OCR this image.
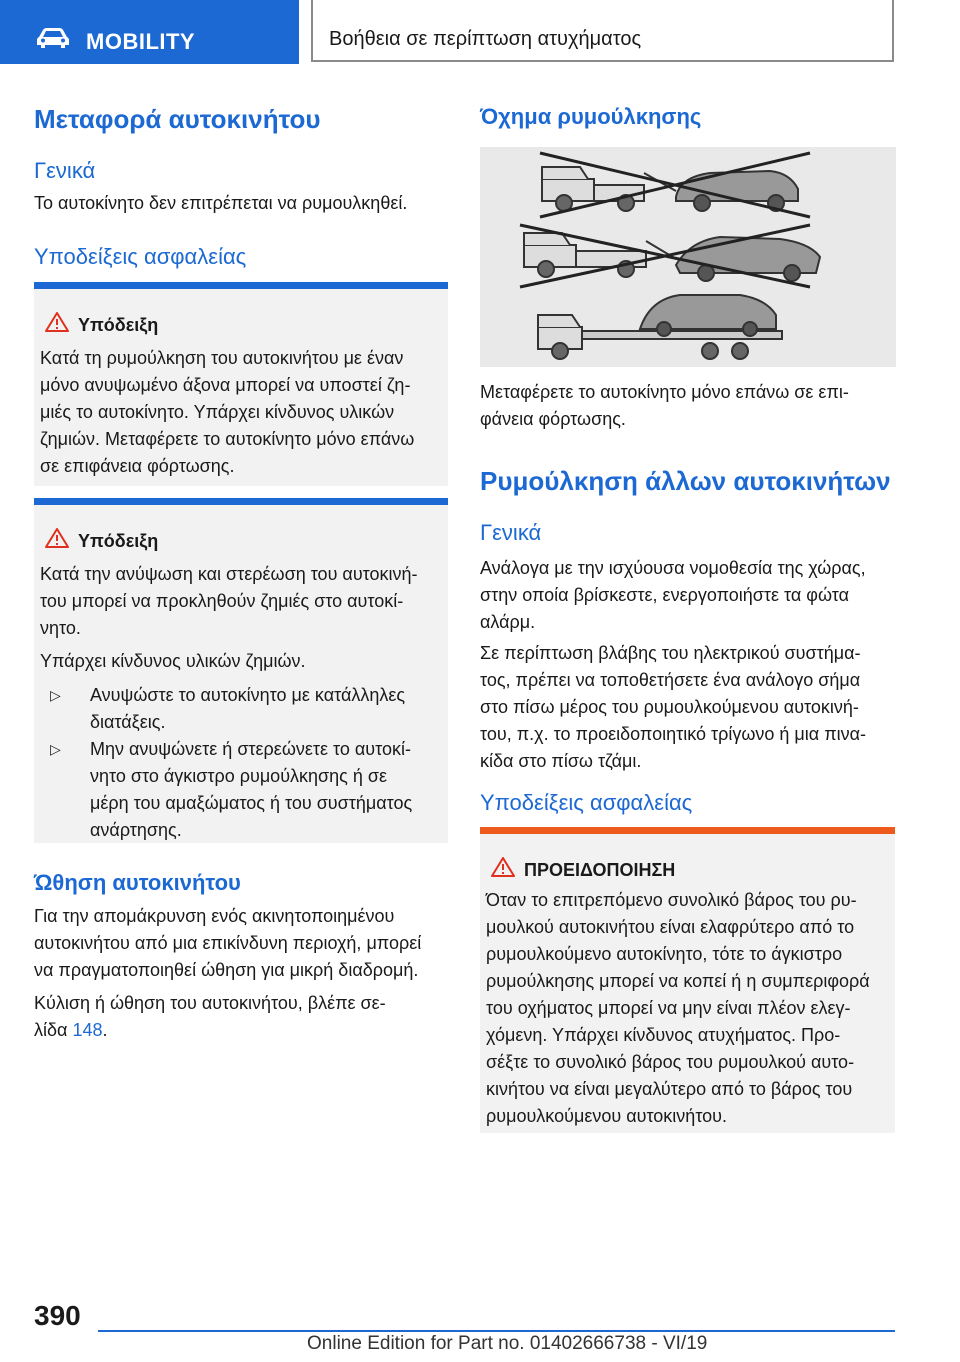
MOBILITY	Βοήθεια σε περίπτωση ατυχήματος
Μεταφορά αυτοκινήτου
Γενικά

Το αυτοκίνητο δεν επιτρέπεται να ρυμουλκηθεί.

Υποδείξεις ασφαλείας
Υπόδειξη

Κατά τη ρυμούλκηση του αυτοκινήτου με έναν

μόνο ανυψωμένο άξονα μπορεί να υποστεί ζη‐

μιές το αυτοκίνητο. Υπάρχει κίνδυνος υλικών

ζημιών. Μεταφέρετε το αυτοκίνητο μόνο επάνω

σε επιφάνεια φόρτωσης.

Υπόδειξη

Κατά την ανύψωση και στερέωση του αυτοκινή‐

του μπορεί να προκληθούν ζημιές στο αυτοκί‐

νητο.

Υπάρχει κίνδυνος υλικών ζημιών.

▷ Ανυψώστε το αυτοκίνητο με κατάλληλες
διατάξεις.
▷ Μην ανυψώνετε ή στερεώνετε το αυτοκί‐
νητο στο άγκιστρο ρυμούλκησης ή σε
μέρη του αμαξώματος ή του συστήματος
ανάρτησης.
Ώθηση αυτοκινήτου

Για την απομάκρυνση ενός ακινητοποιημένου

αυτοκινήτου από μια επικίνδυνη περιοχή, μπορεί

να πραγματοποιηθεί ώθηση για μικρή διαδρομή.

Κύλιση ή ώθηση του αυτοκινήτου, βλέπε σε‐

λίδα 148.

Όχημα ρυμούλκησης

Μεταφέρετε το αυτοκίνητο μόνο επάνω σε επι‐

φάνεια φόρτωσης.

Ρυμούλκηση άλλων αυτοκινήτων
Γενικά

Ανάλογα με την ισχύουσα νομοθεσία της χώρας,

στην οποία βρίσκεστε, ενεργοποιήστε τα φώτα

αλάρμ.

Σε περίπτωση βλάβης του ηλεκτρικού συστήμα‐

τος, πρέπει να τοποθετήσετε ένα ανάλογο σήμα

στο πίσω μέρος του ρυμουλκούμενου αυτοκινή‐

του, π.χ. το προειδοποιητικό τρίγωνο ή μια πινα‐

κίδα στο πίσω τζάμι.

Υποδείξεις ασφαλείας
ΠΡΟΕΙΔΟΠΟΙΗΣΗ

Όταν το επιτρεπόμενο συνολικό βάρος του ρυ‐

μουλκού αυτοκινήτου είναι ελαφρύτερο από το

ρυμουλκούμενο αυτοκίνητο, τότε το άγκιστρο

ρυμούλκησης μπορεί να κοπεί ή η συμπεριφορά

του οχήματος μπορεί να μην είναι πλέον ελεγ‐

χόμενη. Υπάρχει κίνδυνος ατυχήματος. Προ‐

σέξτε το συνολικό βάρος του ρυμουλκού αυτο‐

κινήτου να είναι μεγαλύτερο από το βάρος του

ρυμουλκούμενου αυτοκινήτου.

390
Online Edition for Part no. 01402666738 - VI/19
